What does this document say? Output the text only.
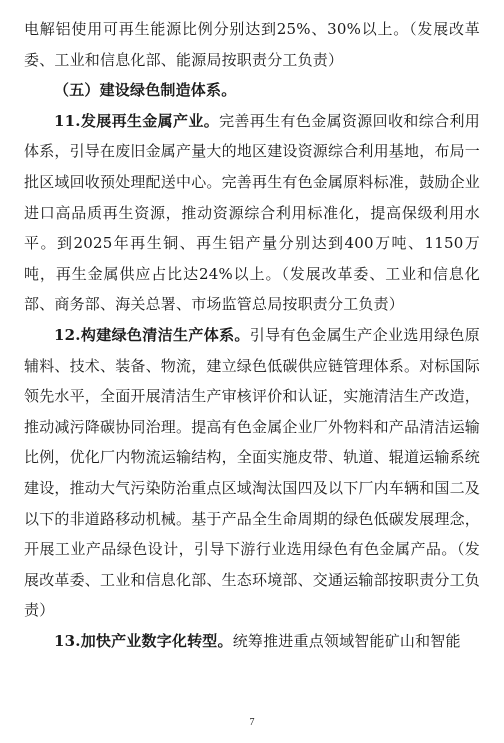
电解铝使用可再生能源比例分别达到25%、30%以上。（发展改革委、工业和信息化部、能源局按职责分工负责）

（五）建设绿色制造体系。

11.发展再生金属产业。完善再生有色金属资源回收和综合利用体系，引导在废旧金属产量大的地区建设资源综合利用基地，布局一批区域回收预处理配送中心。完善再生有色金属原料标准，鼓励企业进口高品质再生资源，推动资源综合利用标准化，提高保级利用水平。到2025年再生铜、再生铝产量分别达到400万吨、1150万吨，再生金属供应占比达24%以上。（发展改革委、工业和信息化部、商务部、海关总署、市场监管总局按职责分工负责）

12.构建绿色清洁生产体系。引导有色金属生产企业选用绿色原辅料、技术、装备、物流，建立绿色低碳供应链管理体系。对标国际领先水平，全面开展清洁生产审核评价和认证，实施清洁生产改造，推动减污降碳协同治理。提高有色金属企业厂外物料和产品清洁运输比例，优化厂内物流运输结构，全面实施皮带、轨道、辊道运输系统建设，推动大气污染防治重点区域淘汰国四及以下厂内车辆和国二及以下的非道路移动机械。基于产品全生命周期的绿色低碳发展理念，开展工业产品绿色设计，引导下游行业选用绿色有色金属产品。（发展改革委、工业和信息化部、生态环境部、交通运输部按职责分工负责）

13.加快产业数字化转型。统筹推进重点领域智能矿山和智能

7
